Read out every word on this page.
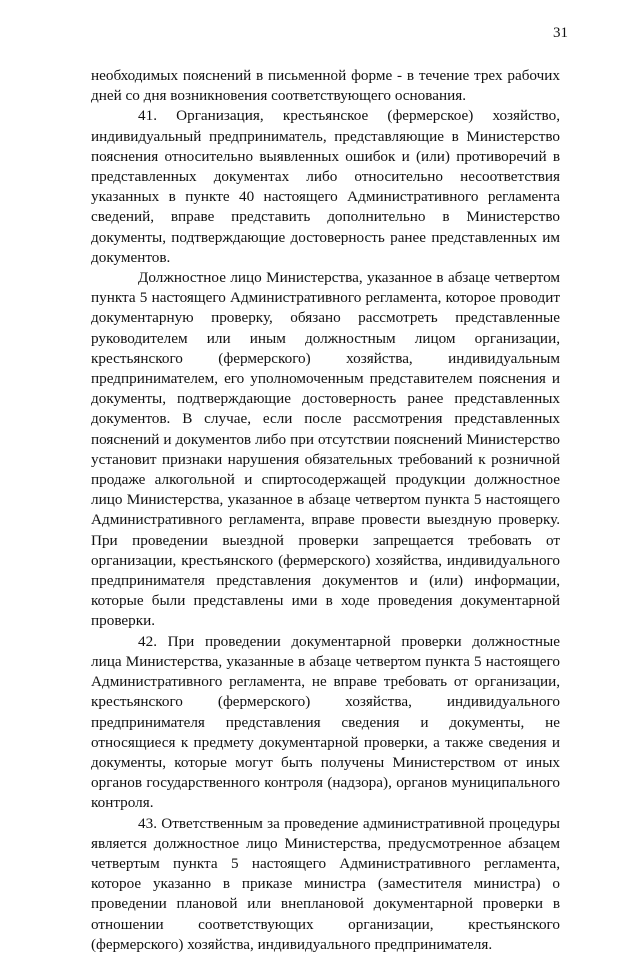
31

необходимых пояснений в письменной форме - в течение трех рабочих дней со дня возникновения соответствующего основания.

41. Организация, крестьянское (фермерское) хозяйство, индивидуальный предприниматель, представляющие в Министерство пояснения относительно выявленных ошибок и (или) противоречий в представленных документах либо относительно несоответствия указанных в пункте 40 настоящего Административного регламента сведений, вправе представить дополнительно в Министерство документы, подтверждающие достоверность ранее представленных им документов.

Должностное лицо Министерства, указанное в абзаце четвертом пункта 5 настоящего Административного регламента, которое проводит документарную проверку, обязано рассмотреть представленные руководителем или иным должностным лицом организации, крестьянского (фермерского) хозяйства, индивидуальным предпринимателем, его уполномоченным представителем пояснения и документы, подтверждающие достоверность ранее представленных документов. В случае, если после рассмотрения представленных пояснений и документов либо при отсутствии пояснений Министерство установит признаки нарушения обязательных требований к розничной продаже алкогольной и спиртосодержащей продукции должностное лицо Министерства, указанное в абзаце четвертом пункта 5 настоящего Административного регламента, вправе провести выездную проверку. При проведении выездной проверки запрещается требовать от организации, крестьянского (фермерского) хозяйства, индивидуального предпринимателя представления документов и (или) информации, которые были представлены ими в ходе проведения документарной проверки.

42. При проведении документарной проверки должностные лица Министерства, указанные в абзаце четвертом пункта 5 настоящего Административного регламента, не вправе требовать от организации, крестьянского (фермерского) хозяйства, индивидуального предпринимателя представления сведения и документы, не относящиеся к предмету документарной проверки, а также сведения и документы, которые могут быть получены Министерством от иных органов государственного контроля (надзора), органов муниципального контроля.

43. Ответственным за проведение административной процедуры является должностное лицо Министерства, предусмотренное абзацем четвертым пункта 5 настоящего Административного регламента, которое указанно в приказе министра (заместителя министра) о проведении плановой или внеплановой документарной проверки в отношении соответствующих организации, крестьянского (фермерского) хозяйства, индивидуального предпринимателя.
